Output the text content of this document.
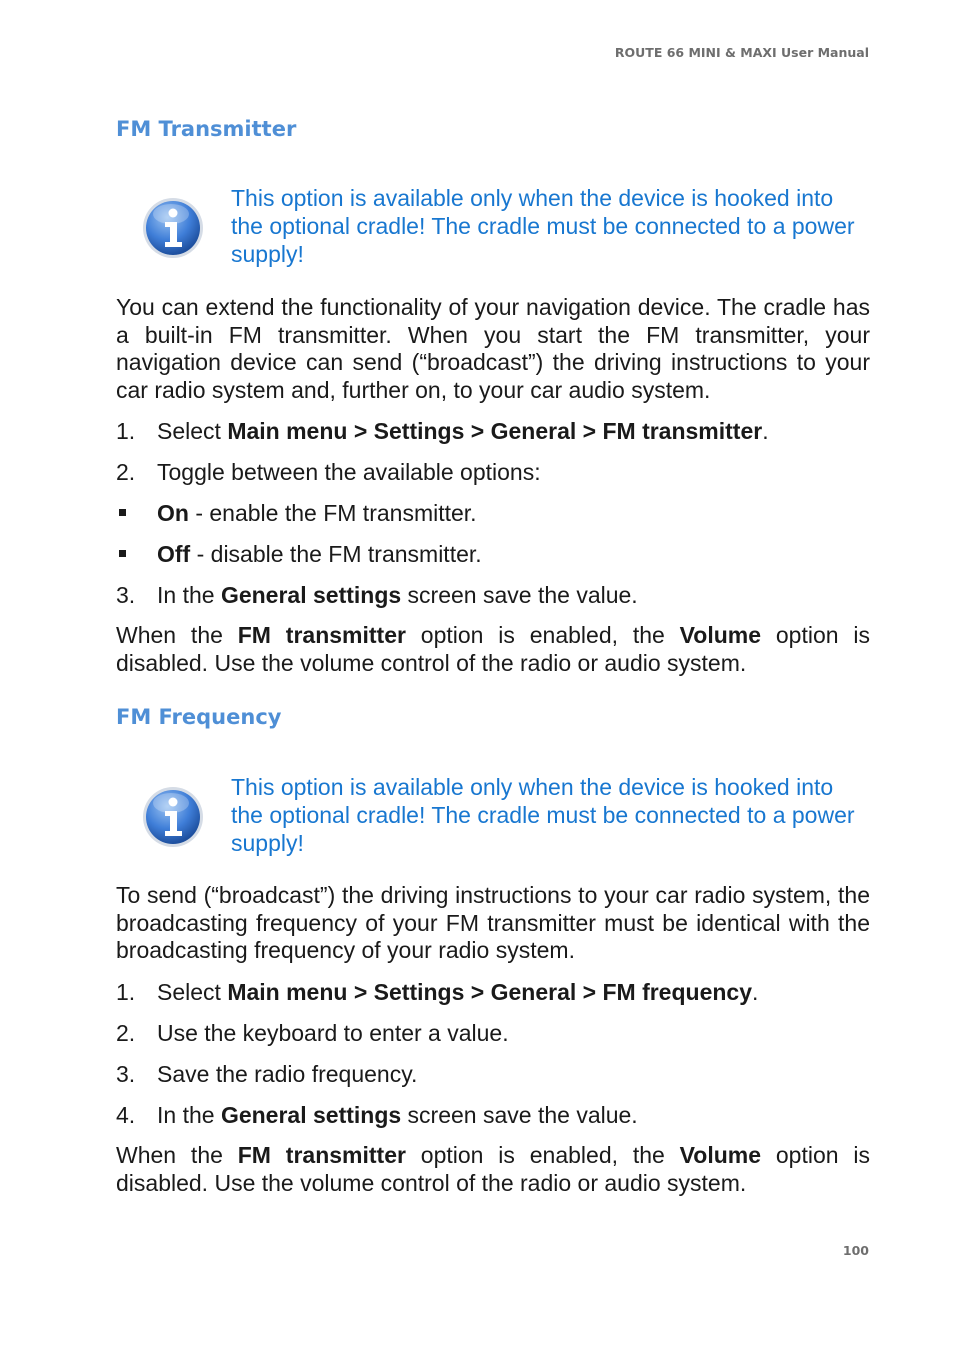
ROUTE 66 MINI & MAXI User Manual
FM Transmitter
This option is available only when the device is hooked into the optional cradle! The cradle must be connected to a power supply!

You can extend the functionality of your navigation device. The cradle has a built-in FM transmitter. When you start the FM transmitter, your navigation device can send (“broadcast”) the driving instructions to your car radio system and, further on, to your car audio system.

1. Select Main menu > Settings > General > FM transmitter.
2. Toggle between the available options:
On - enable the FM transmitter.
Off - disable the FM transmitter.
3. In the General settings screen save the value.

When the FM transmitter option is enabled, the Volume option is disabled. Use the volume control of the radio or audio system.

FM Frequency
This option is available only when the device is hooked into the optional cradle! The cradle must be connected to a power supply!

To send (“broadcast”) the driving instructions to your car radio system, the broadcasting frequency of your FM transmitter must be identical with the broadcasting frequency of your radio system.

1. Select Main menu > Settings > General > FM frequency.
2. Use the keyboard to enter a value.
3. Save the radio frequency.
4. In the General settings screen save the value.

When the FM transmitter option is enabled, the Volume option is disabled. Use the volume control of the radio or audio system.

100
